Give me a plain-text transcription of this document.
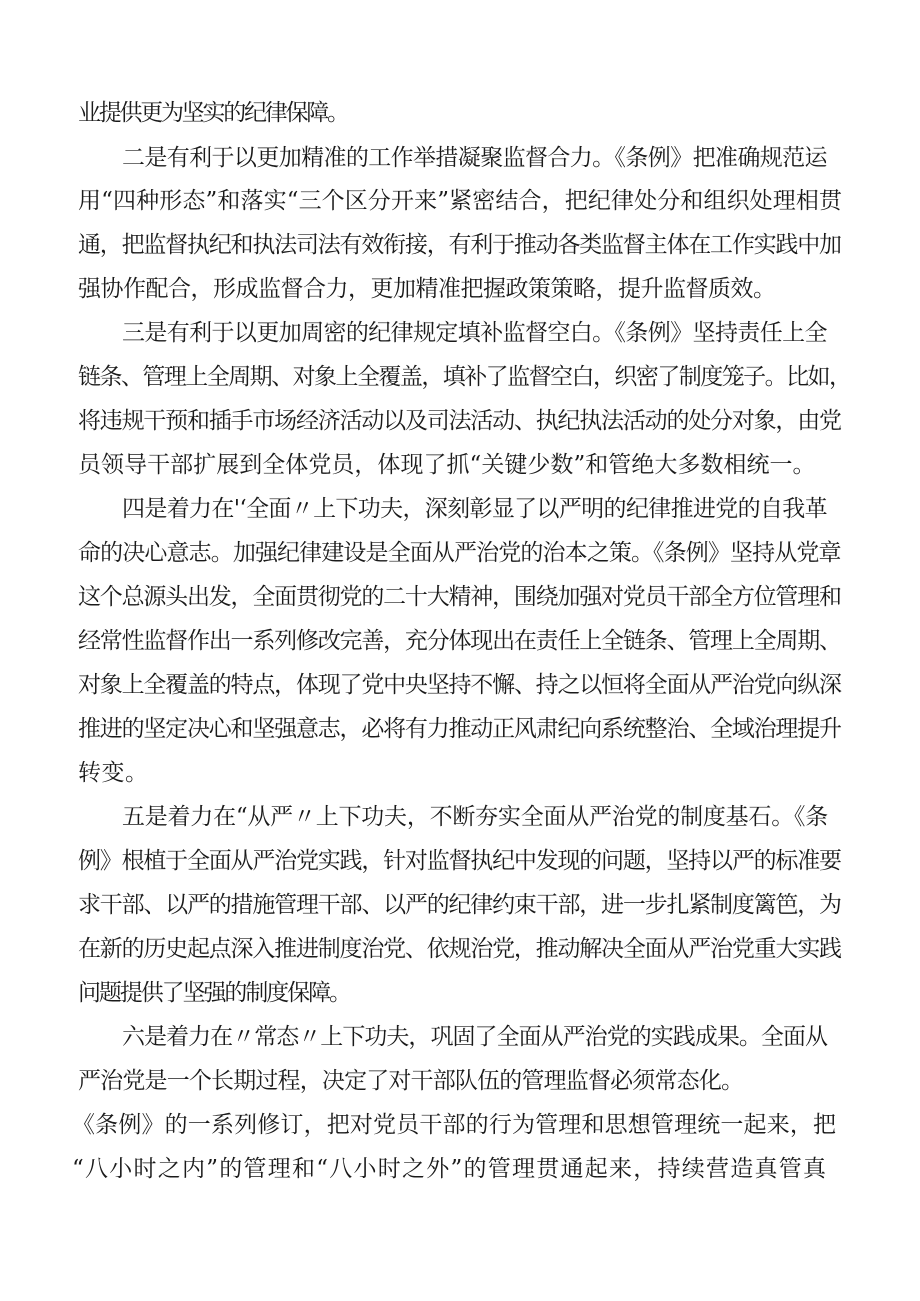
业提供更为坚实的纪律保障。
二是有利于以更加精准的工作举措凝聚监督合力。《条例》把准确规范运
用“四种形态”和落实“三个区分开来”紧密结合，把纪律处分和组织处理相贯
通，把监督执纪和执法司法有效衔接，有利于推动各类监督主体在工作实践中加
强协作配合，形成监督合力，更加精准把握政策策略，提升监督质效。
三是有利于以更加周密的纪律规定填补监督空白。《条例》坚持责任上全
链条、管理上全周期、对象上全覆盖，填补了监督空白，织密了制度笼子。比如，
将违规干预和插手市场经济活动以及司法活动、执纪执法活动的处分对象，由党
员领导干部扩展到全体党员，体现了抓“关键少数”和管绝大多数相统一。
四是着力在'‘全面〃上下功夫，深刻彰显了以严明的纪律推进党的自我革
命的决心意志。加强纪律建设是全面从严治党的治本之策。《条例》坚持从党章
这个总源头出发，全面贯彻党的二十大精神，围绕加强对党员干部全方位管理和
经常性监督作出一系列修改完善，充分体现出在责任上全链条、管理上全周期、
对象上全覆盖的特点，体现了党中央坚持不懈、持之以恒将全面从严治党向纵深
推进的坚定决心和坚强意志，必将有力推动正风肃纪向系统整治、全域治理提升
转变。
五是着力在“从严〃上下功夫，不断夯实全面从严治党的制度基石。《条
例》根植于全面从严治党实践，针对监督执纪中发现的问题，坚持以严的标准要
求干部、以严的措施管理干部、以严的纪律约束干部，进一步扎紧制度篱笆，为
在新的历史起点深入推进制度治党、依规治党，推动解决全面从严治党重大实践
问题提供了坚强的制度保障。
六是着力在〃常态〃上下功夫，巩固了全面从严治党的实践成果。全面从
严治党是一个长期过程，决定了对干部队伍的管理监督必须常态化。
《条例》的一系列修订，把对党员干部的行为管理和思想管理统一起来，把
“八小时之内”的管理和“八小时之外”的管理贯通起来，持续营造真管真
